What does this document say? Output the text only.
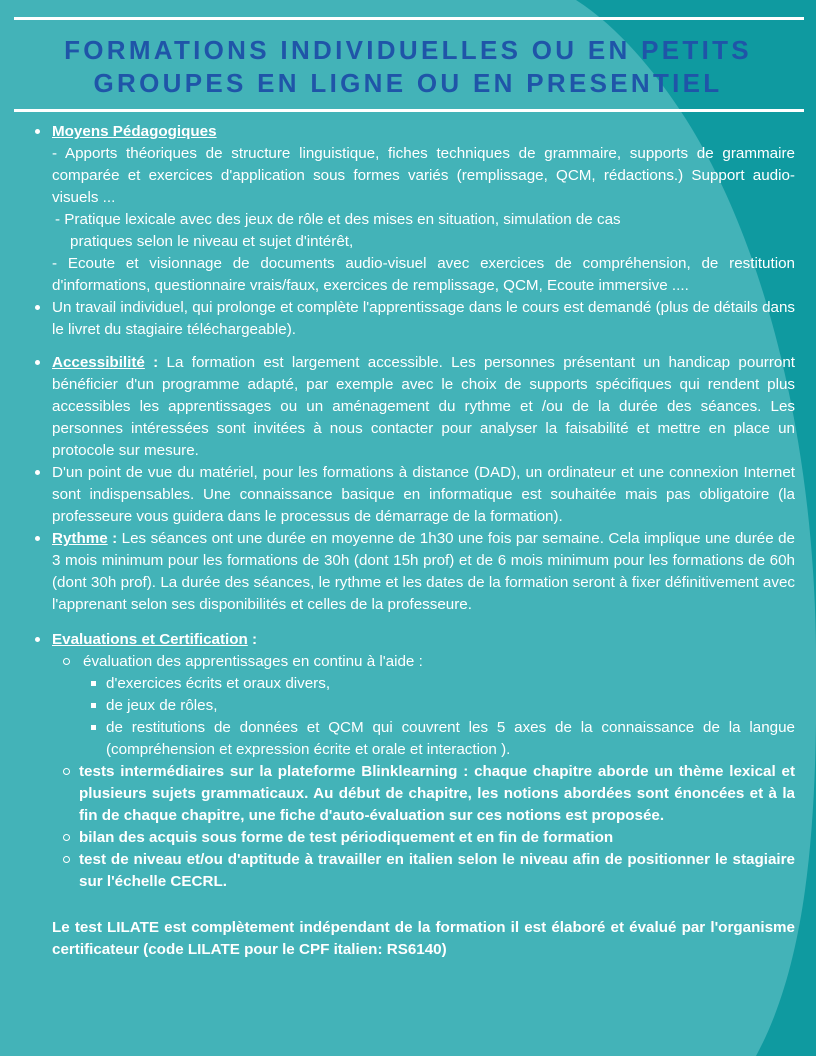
FORMATIONS INDIVIDUELLES OU EN PETITS
GROUPES EN LIGNE OU EN PRESENTIEL

Moyens Pédagogiques

- Apports théoriques de structure linguistique, fiches techniques de grammaire, supports de grammaire comparée et exercices d'application sous formes variés (remplissage, QCM, rédactions.) Support audio-visuels ...

- Pratique lexicale avec des jeux de rôle et des mises en situation, simulation de cas

pratiques selon le niveau et sujet d'intérêt,

- Ecoute et visionnage de documents audio-visuel avec exercices de compréhension, de restitution d'informations, questionnaire vrais/faux, exercices de remplissage, QCM, Ecoute immersive ....

Un travail individuel, qui prolonge et complète l'apprentissage dans le cours est demandé (plus de détails dans le livret du stagiaire téléchargeable).

Accessibilité : La formation est largement accessible. Les personnes présentant un handicap pourront bénéficier d'un programme adapté, par exemple avec le choix de supports spécifiques qui rendent plus accessibles les apprentissages ou un aménagement du rythme et /ou de la durée des séances. Les personnes intéressées sont invitées à nous contacter pour analyser la faisabilité et mettre en place un protocole sur mesure.

D'un point de vue du matériel, pour les formations à distance (DAD), un ordinateur et une connexion Internet sont indispensables. Une connaissance basique en informatique est souhaitée mais pas obligatoire (la professeure vous guidera dans le processus de démarrage de la formation).

Rythme : Les séances ont une durée en moyenne de 1h30 une fois par semaine. Cela implique une durée de 3 mois minimum pour les formations de 30h (dont 15h prof) et de 6 mois minimum pour les formations de 60h (dont 30h prof). La durée des séances, le rythme et les dates de la formation seront à fixer définitivement avec l'apprenant selon ses disponibilités et celles de la professeure.

Evaluations et Certification :

évaluation des apprentissages en continu à l'aide :

d'exercices écrits et oraux divers,

de jeux de rôles,

de restitutions de données et QCM qui couvrent les 5 axes de la connaissance de la langue (compréhension et expression écrite et orale et interaction ).

tests intermédiaires sur la plateforme Blinklearning : chaque chapitre aborde un thème lexical et plusieurs sujets grammaticaux. Au début de chapitre, les notions abordées sont énoncées et à la fin de chaque chapitre, une fiche d'auto-évaluation sur ces notions est proposée.

bilan des acquis sous forme de test périodiquement et en fin de formation

test de niveau et/ou d'aptitude à travailler en italien selon le niveau afin de positionner le stagiaire sur l'échelle CECRL.

Le test LILATE est complètement indépendant de la formation il est élaboré et évalué par l'organisme certificateur (code LILATE pour le CPF italien: RS6140)
